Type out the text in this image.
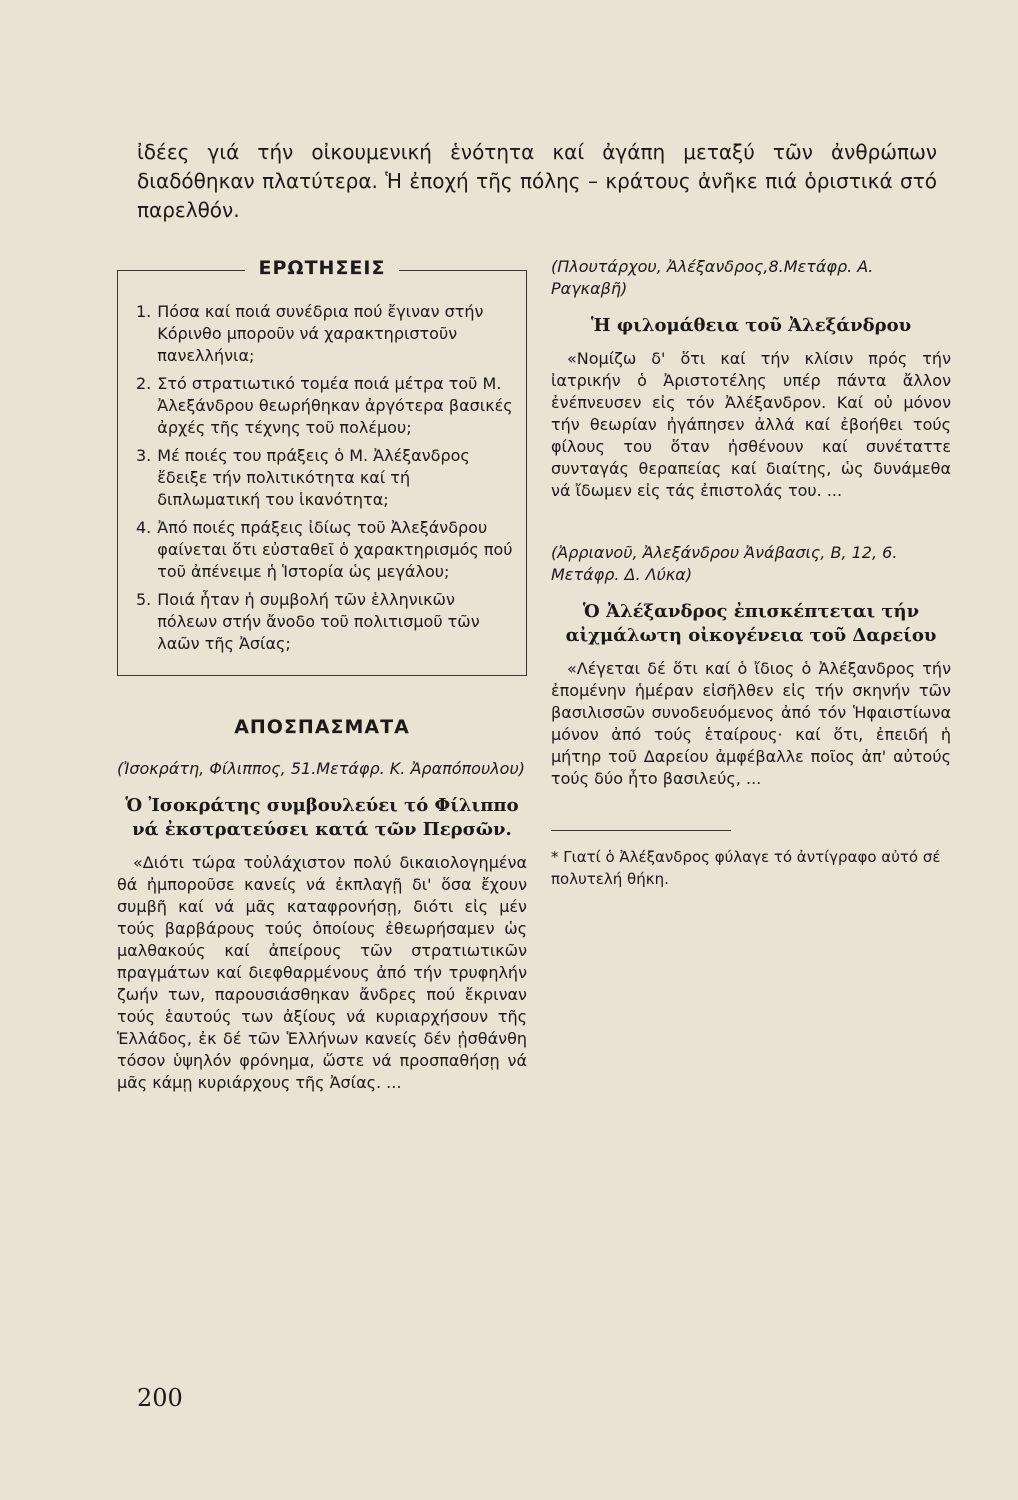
ἰδέες γιά τήν οἰκουμενική ἑνότητα καί ἀγάπη μεταξύ τῶν ἀνθρώπων διαδόθηκαν πλατύτερα. Ἡ ἐποχή τῆς πόλης – κράτους ἀνῆκε πιά ὁριστικά στό παρελθόν.

ΕΡΩΤΗΣΕΙΣ
1. Πόσα καί ποιά συνέδρια πού ἔγιναν στήν Κόρινθο μποροῦν νά χαρακτηριστοῦν πανελλήνια;
2. Στό στρατιωτικό τομέα ποιά μέτρα τοῦ Μ. Ἀλεξάνδρου θεωρήθηκαν ἀργότερα βασικές ἀρχές τῆς τέχνης τοῦ πολέμου;
3. Μέ ποιές του πράξεις ὁ Μ. Ἀλέξανδρος ἔδειξε τήν πολιτικότητα καί τή διπλωματική του ἱκανότητα;
4. Ἀπό ποιές πράξεις ἰδίως τοῦ Ἀλεξάνδρου φαίνεται ὅτι εὐσταθεῖ ὁ χαρακτηρισμός πού τοῦ ἀπένειμε ἡ Ἱστορία ὡς μεγάλου;
5. Ποιά ἦταν ἡ συμβολή τῶν ἑλληνικῶν πόλεων στήν ἄνοδο τοῦ πολιτισμοῦ τῶν λαῶν τῆς Ἀσίας;
ΑΠΟΣΠΑΣΜΑΤΑ

(Ἰσοκράτη, Φίλιππος, 51.Μετάφρ. Κ. Ἀραπόπουλου)

Ὁ Ἰσοκράτης συμβουλεύει τό Φίλιππο νά ἐκστρατεύσει κατά τῶν Περσῶν.

«Διότι τώρα τοὐλάχιστον πολύ δικαιολογημένα θά ἠμποροῦσε κανείς νά ἐκπλαγῇ δι' ὅσα ἔχουν συμβῆ καί νά μᾶς καταφρονήσῃ, διότι εἰς μέν τούς βαρβάρους τούς ὁποίους ἐθεωρήσαμεν ὡς μαλθακούς καί ἀπείρους τῶν στρατιωτικῶν πραγμάτων καί διεφθαρμένους ἀπό τήν τρυφηλήν ζωήν των, παρουσιάσθηκαν ἄνδρες πού ἔκριναν τούς ἑαυτούς των ἀξίους νά κυριαρχήσουν τῆς Ἑλλάδος, ἐκ δέ τῶν Ἑλλήνων κανείς δέν ᾐσθάνθη τόσον ὑψηλόν φρόνημα, ὥστε νά προσπαθήσῃ νά μᾶς κάμῃ κυριάρχους τῆς Ἀσίας. ...

(Πλουτάρχου, Ἀλέξανδρος,8.Μετάφρ. Α. Ραγκαβῆ)

Ἡ φιλομάθεια τοῦ Ἀλεξάνδρου

«Νομίζω δ' ὅτι καί τήν κλίσιν πρός τήν ἰατρικήν ὁ Ἀριστοτέλης υπέρ πάντα ἄλλον ἐνέπνευσεν εἰς τόν Ἀλέξανδρον. Καί οὐ μόνον τήν θεωρίαν ἠγάπησεν ἀλλά καί ἐβοήθει τούς φίλους του ὅταν ἠσθένουν καί συνέταττε συνταγάς θεραπείας καί διαίτης, ὡς δυνάμεθα νά ἴδωμεν εἰς τάς ἐπιστολάς του. ...

(Ἀρριανοῦ, Ἀλεξάνδρου Ἀνάβασις, Β, 12, 6. Μετάφρ. Δ. Λύκα)

Ὁ Ἀλέξανδρος ἐπισκέπτεται τήν αἰχμάλωτη οἰκογένεια τοῦ Δαρείου

«Λέγεται δέ ὅτι καί ὁ ἴδιος ὁ Ἀλέξανδρος τήν ἐπομένην ἡμέραν εἰσῆλθεν εἰς τήν σκηνήν τῶν βασιλισσῶν συνοδευόμενος ἀπό τόν Ἡφαιστίωνα μόνον ἀπό τούς ἑταίρους· καί ὅτι, ἐπειδή ἡ μήτηρ τοῦ Δαρείου ἀμφέβαλλε ποῖος ἀπ' αὐτούς τούς δύο ἦτο βασιλεύς, ...

* Γιατί ὁ Ἀλέξανδρος φύλαγε τό ἀντίγραφο αὐτό σέ πολυτελή θήκη.

200
